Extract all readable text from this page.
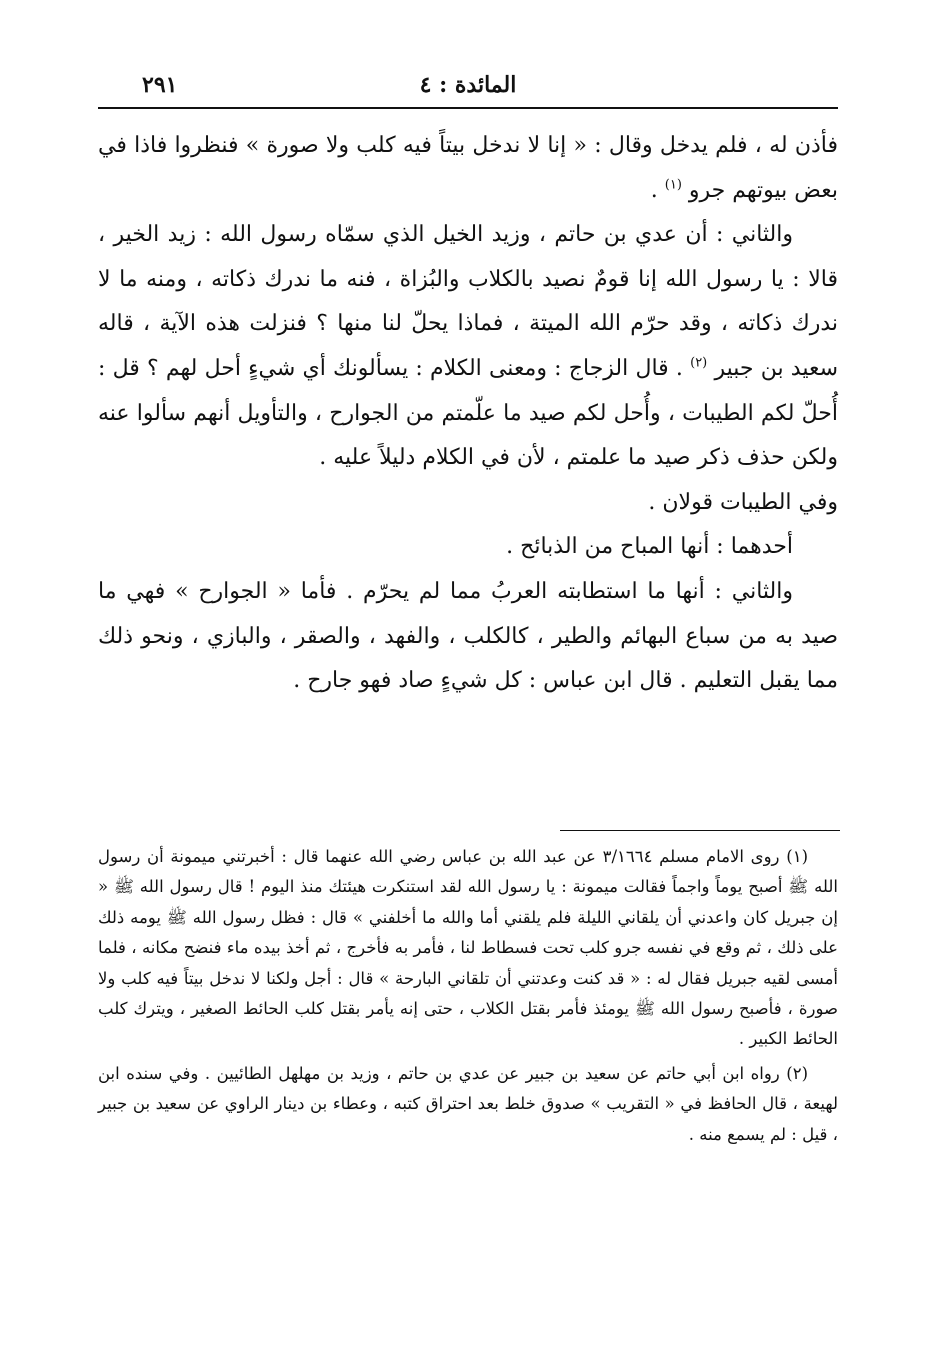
المائدة : ٤
٢٩١

فأذن له ، فلم يدخل وقال : « إنا لا ندخل بيتاً فيه كلب ولا صورة » فنظروا فاذا في بعض بيوتهم جرو $^{(١)}$ .

والثاني : أن عدي بن حاتم ، وزيد الخيل الذي سمّاه رسول الله : زيد الخير ، قالا : يا رسول الله إنا قومٌ نصيد بالكلاب والبُزاة ، فنه ما ندرك ذكاته ، ومنه ما لا ندرك ذكاته ، وقد حرّم الله الميتة ، فماذا يحلّ لنا منها ؟ فنزلت هذه الآية ، قاله سعيد بن جبير $^{(٢)}$ . قال الزجاج : ومعنى الكلام : يسألونك أي شيءٍ أحل لهم ؟ قل : أُحلّ لكم الطيبات ، وأُحل لكم صيد ما علّمتم من الجوارح ، والتأويل أنهم سألوا عنه ولكن حذف ذكر صيد ما علمتم ، لأن في الكلام دليلاً عليه .

وفي الطيبات قولان .

أحدهما : أنها المباح من الذبائح .

والثاني : أنها ما استطابته العربُ مما لم يحرّم . فأما « الجوارح » فهي ما صيد به من سباع البهائم والطير ، كالكلب ، والفهد ، والصقر ، والبازي ، ونحو ذلك مما يقبل التعليم . قال ابن عباس : كل شيءٍ صاد فهو جارح .

(١) روى الامام مسلم ٣/١٦٦٤ عن عبد الله بن عباس رضي الله عنهما قال : أخبرتني ميمونة أن رسول الله ﷺ أصبح يوماً واجماً فقالت ميمونة : يا رسول الله لقد استنكرت هيئتك منذ اليوم ! قال رسول الله ﷺ « إن جبريل كان واعدني أن يلقاني الليلة فلم يلقني أما والله ما أخلفني » قال : فظل رسول الله ﷺ يومه ذلك على ذلك ، ثم وقع في نفسه جرو كلب تحت فسطاط لنا ، فأمر به فأخرج ، ثم أخذ بيده ماء فنضح مكانه ، فلما أمسى لقيه جبريل فقال له : « قد كنت وعدتني أن تلقاني البارحة » قال : أجل ولكنا لا ندخل بيتاً فيه كلب ولا صورة ، فأصبح رسول الله ﷺ يومئذ فأمر بقتل الكلاب ، حتى إنه يأمر بقتل كلب الحائط الصغير ، ويترك كلب الحائط الكبير .

(٢) رواه ابن أبي حاتم عن سعيد بن جبير عن عدي بن حاتم ، وزيد بن مهلهل الطائيين . وفي سنده ابن لهيعة ، قال الحافظ في « التقريب » صدوق خلط بعد احتراق كتبه ، وعطاء بن دينار الراوي عن سعيد بن جبير ، قيل : لم يسمع منه .
